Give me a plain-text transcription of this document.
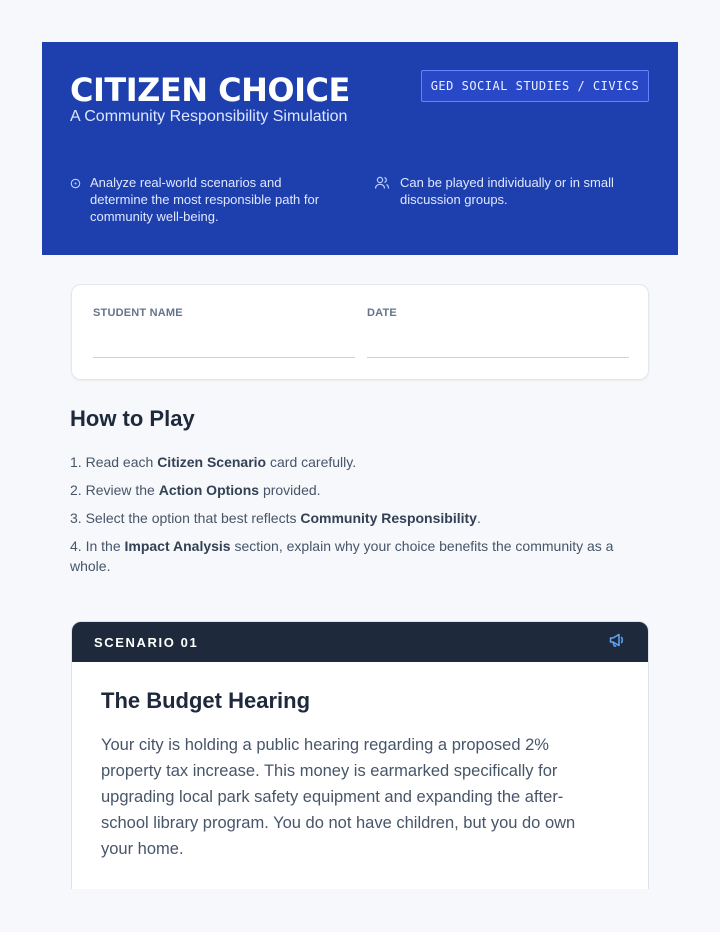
CITIZEN CHOICE

A Community Responsibility Simulation

GED SOCIAL STUDIES / CIVICS
Analyze real-world scenarios and determine the most responsible path for community well-being.
Can be played individually or in small discussion groups.
STUDENT NAME	DATE
How to Play
1. Read each Citizen Scenario card carefully.
2. Review the Action Options provided.
3. Select the option that best reflects Community Responsibility.
4. In the Impact Analysis section, explain why your choice benefits the community as a whole.
SCENARIO 01
The Budget Hearing

Your city is holding a public hearing regarding a proposed 2% property tax increase. This money is earmarked specifically for upgrading local park safety equipment and expanding the after-school library program. You do not have children, but you do own your home.
